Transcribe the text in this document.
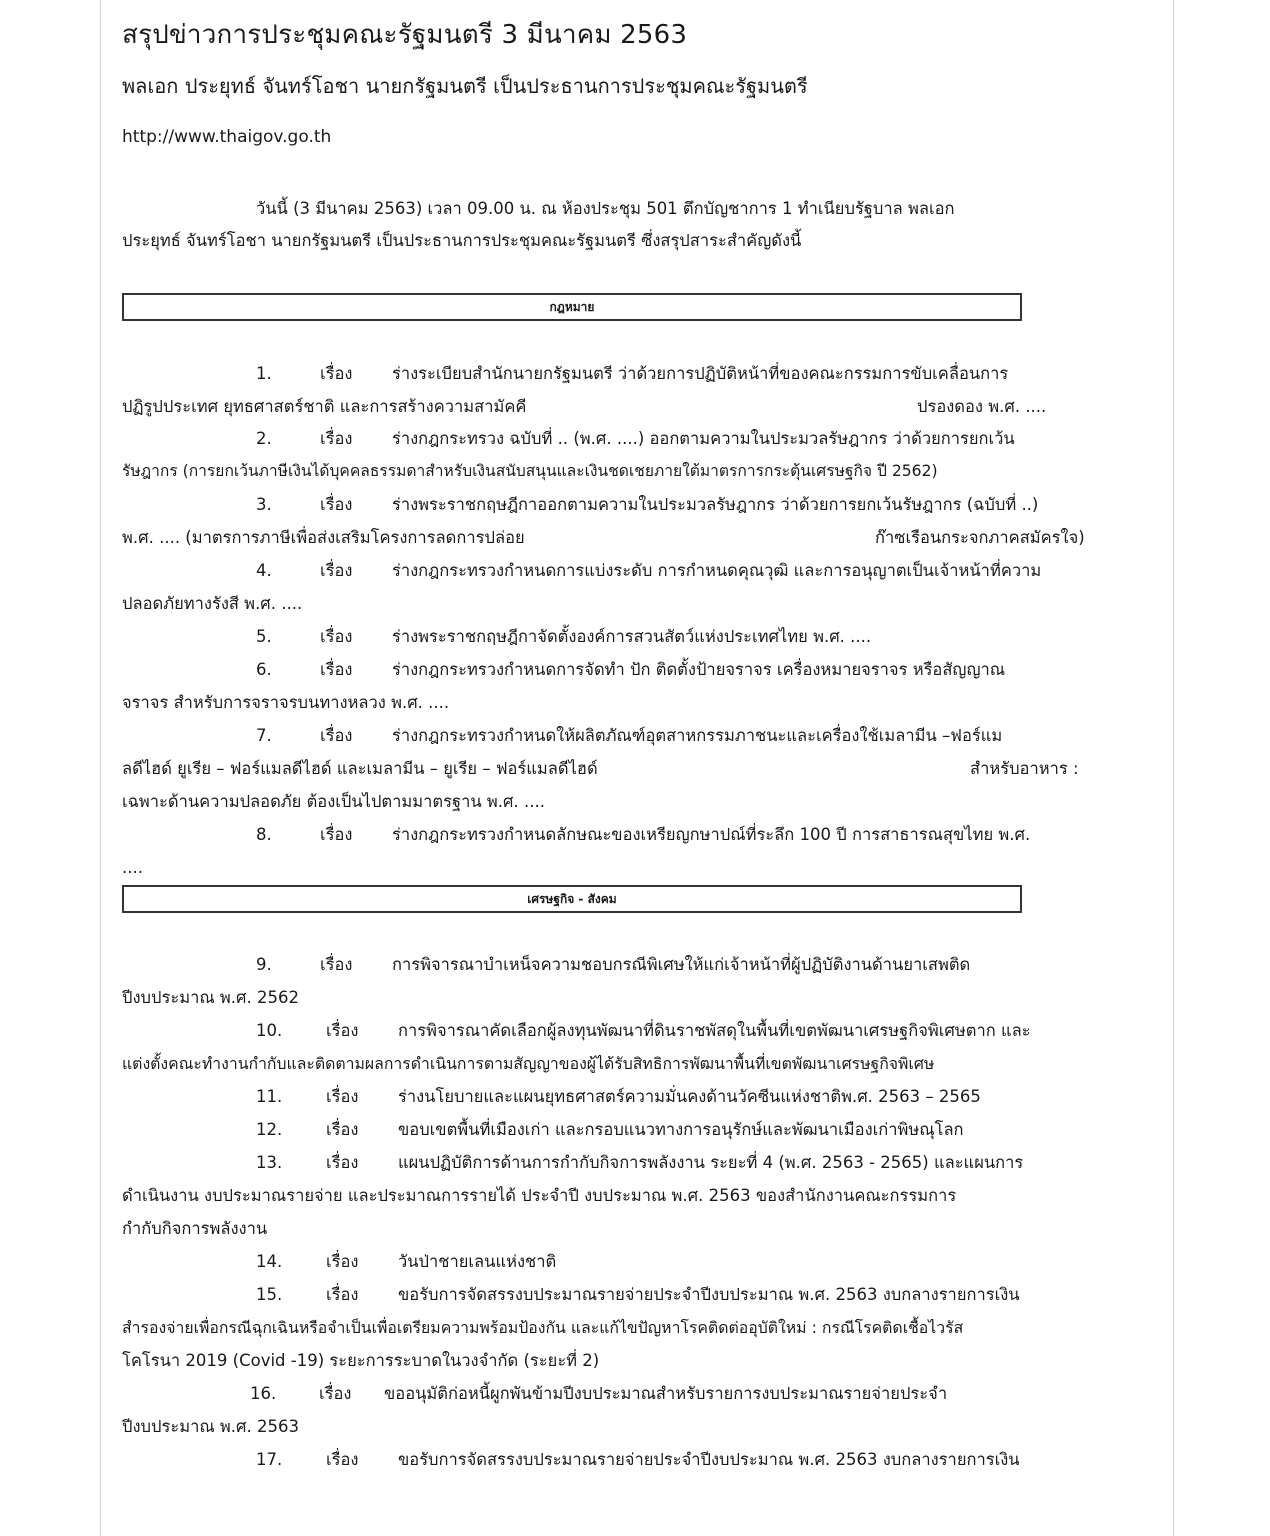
สรุปข่าวการประชุมคณะรัฐมนตรี 3 มีนาคม 2563
พลเอก ประยุทธ์ จันทร์โอชา นายกรัฐมนตรี เป็นประธานการประชุมคณะรัฐมนตรี
http://www.thaigov.go.th
วันนี้ (3 มีนาคม 2563) เวลา 09.00 น. ณ ห้องประชุม 501 ตึกบัญชาการ 1 ทำเนียบรัฐบาล พลเอก
ประยุทธ์ จันทร์โอชา นายกรัฐมนตรี เป็นประธานการประชุมคณะรัฐมนตรี ซึ่งสรุปสาระสำคัญดังนี้
กฎหมาย
1.	เรื่อง ร่างระเบียบสำนักนายกรัฐมนตรี ว่าด้วยการปฏิบัติหน้าที่ของคณะกรรมการขับเคลื่อนการ
ปฏิรูปประเทศ ยุทธศาสตร์ชาติ และการสร้างความสามัคคี	ปรองดอง พ.ศ. ....
2.	เรื่อง ร่างกฎกระทรวง ฉบับที่ .. (พ.ศ. ....) ออกตามความในประมวลรัษฎากร ว่าด้วยการยกเว้น
รัษฎากร (การยกเว้นภาษีเงินได้บุคคลธรรมดาสำหรับเงินสนับสนุนและเงินชดเชยภายใต้มาตรการกระตุ้นเศรษฐกิจ ปี 2562)
3.	เรื่อง ร่างพระราชกฤษฎีกาออกตามความในประมวลรัษฎากร ว่าด้วยการยกเว้นรัษฎากร (ฉบับที่ ..)
พ.ศ. .... (มาตรการภาษีเพื่อส่งเสริมโครงการลดการปล่อย	ก๊าซเรือนกระจกภาคสมัครใจ)
4.	เรื่อง ร่างกฎกระทรวงกำหนดการแบ่งระดับ การกำหนดคุณวุฒิ และการอนุญาตเป็นเจ้าหน้าที่ความ
ปลอดภัยทางรังสี พ.ศ. ....
5.	เรื่อง ร่างพระราชกฤษฎีกาจัดตั้งองค์การสวนสัตว์แห่งประเทศไทย พ.ศ. ....
6.	เรื่อง ร่างกฎกระทรวงกำหนดการจัดทำ ปัก ติดตั้งป้ายจราจร เครื่องหมายจราจร หรือสัญญาณ
จราจร สำหรับการจราจรบนทางหลวง พ.ศ. ....
7.	เรื่อง ร่างกฎกระทรวงกำหนดให้ผลิตภัณฑ์อุตสาหกรรมภาชนะและเครื่องใช้เมลามีน –ฟอร์แม
ลดีไฮด์ ยูเรีย – ฟอร์แมลดีไฮด์ และเมลามีน – ยูเรีย – ฟอร์แมลดีไฮด์	สำหรับอาหาร :
เฉพาะด้านความปลอดภัย ต้องเป็นไปตามมาตรฐาน พ.ศ. ....
8.	เรื่อง ร่างกฎกระทรวงกำหนดลักษณะของเหรียญกษาปณ์ที่ระลึก 100 ปี การสาธารณสุขไทย พ.ศ.
....
เศรษฐกิจ - สังคม
9.	เรื่อง การพิจารณาบำเหน็จความชอบกรณีพิเศษให้แก่เจ้าหน้าที่ผู้ปฏิบัติงานด้านยาเสพติด
ปีงบประมาณ พ.ศ. 2562
10.	เรื่อง การพิจารณาคัดเลือกผู้ลงทุนพัฒนาที่ดินราชพัสดุในพื้นที่เขตพัฒนาเศรษฐกิจพิเศษตาก และ
แต่งตั้งคณะทำงานกำกับและติดตามผลการดำเนินการตามสัญญาของผู้ได้รับสิทธิการพัฒนาพื้นที่เขตพัฒนาเศรษฐกิจพิเศษ
11.	เรื่อง ร่างนโยบายและแผนยุทธศาสตร์ความมั่นคงด้านวัคซีนแห่งชาติพ.ศ. 2563 – 2565
12.	เรื่อง ขอบเขตพื้นที่เมืองเก่า และกรอบแนวทางการอนุรักษ์และพัฒนาเมืองเก่าพิษณุโลก
13.	เรื่อง แผนปฏิบัติการด้านการกำกับกิจการพลังงาน ระยะที่ 4 (พ.ศ. 2563 - 2565) และแผนการ
ดำเนินงาน งบประมาณรายจ่าย และประมาณการรายได้ ประจำปี งบประมาณ พ.ศ. 2563 ของสำนักงานคณะกรรมการ
กำกับกิจการพลังงาน
14.	เรื่อง วันป่าชายเลนแห่งชาติ
15.	เรื่อง ขอรับการจัดสรรงบประมาณรายจ่ายประจำปีงบประมาณ พ.ศ. 2563 งบกลางรายการเงิน
สำรองจ่ายเพื่อกรณีฉุกเฉินหรือจำเป็นเพื่อเตรียมความพร้อมป้องกัน และแก้ไขปัญหาโรคติดต่ออุบัติใหม่ : กรณีโรคติดเชื้อไวรัส
โคโรนา 2019 (Covid -19) ระยะการระบาดในวงจำกัด (ระยะที่ 2)
16.	เรื่อง ขออนุมัติก่อหนี้ผูกพันข้ามปีงบประมาณสำหรับรายการงบประมาณรายจ่ายประจำ
ปีงบประมาณ พ.ศ. 2563
17.	เรื่อง ขอรับการจัดสรรงบประมาณรายจ่ายประจำปีงบประมาณ พ.ศ. 2563 งบกลางรายการเงิน
